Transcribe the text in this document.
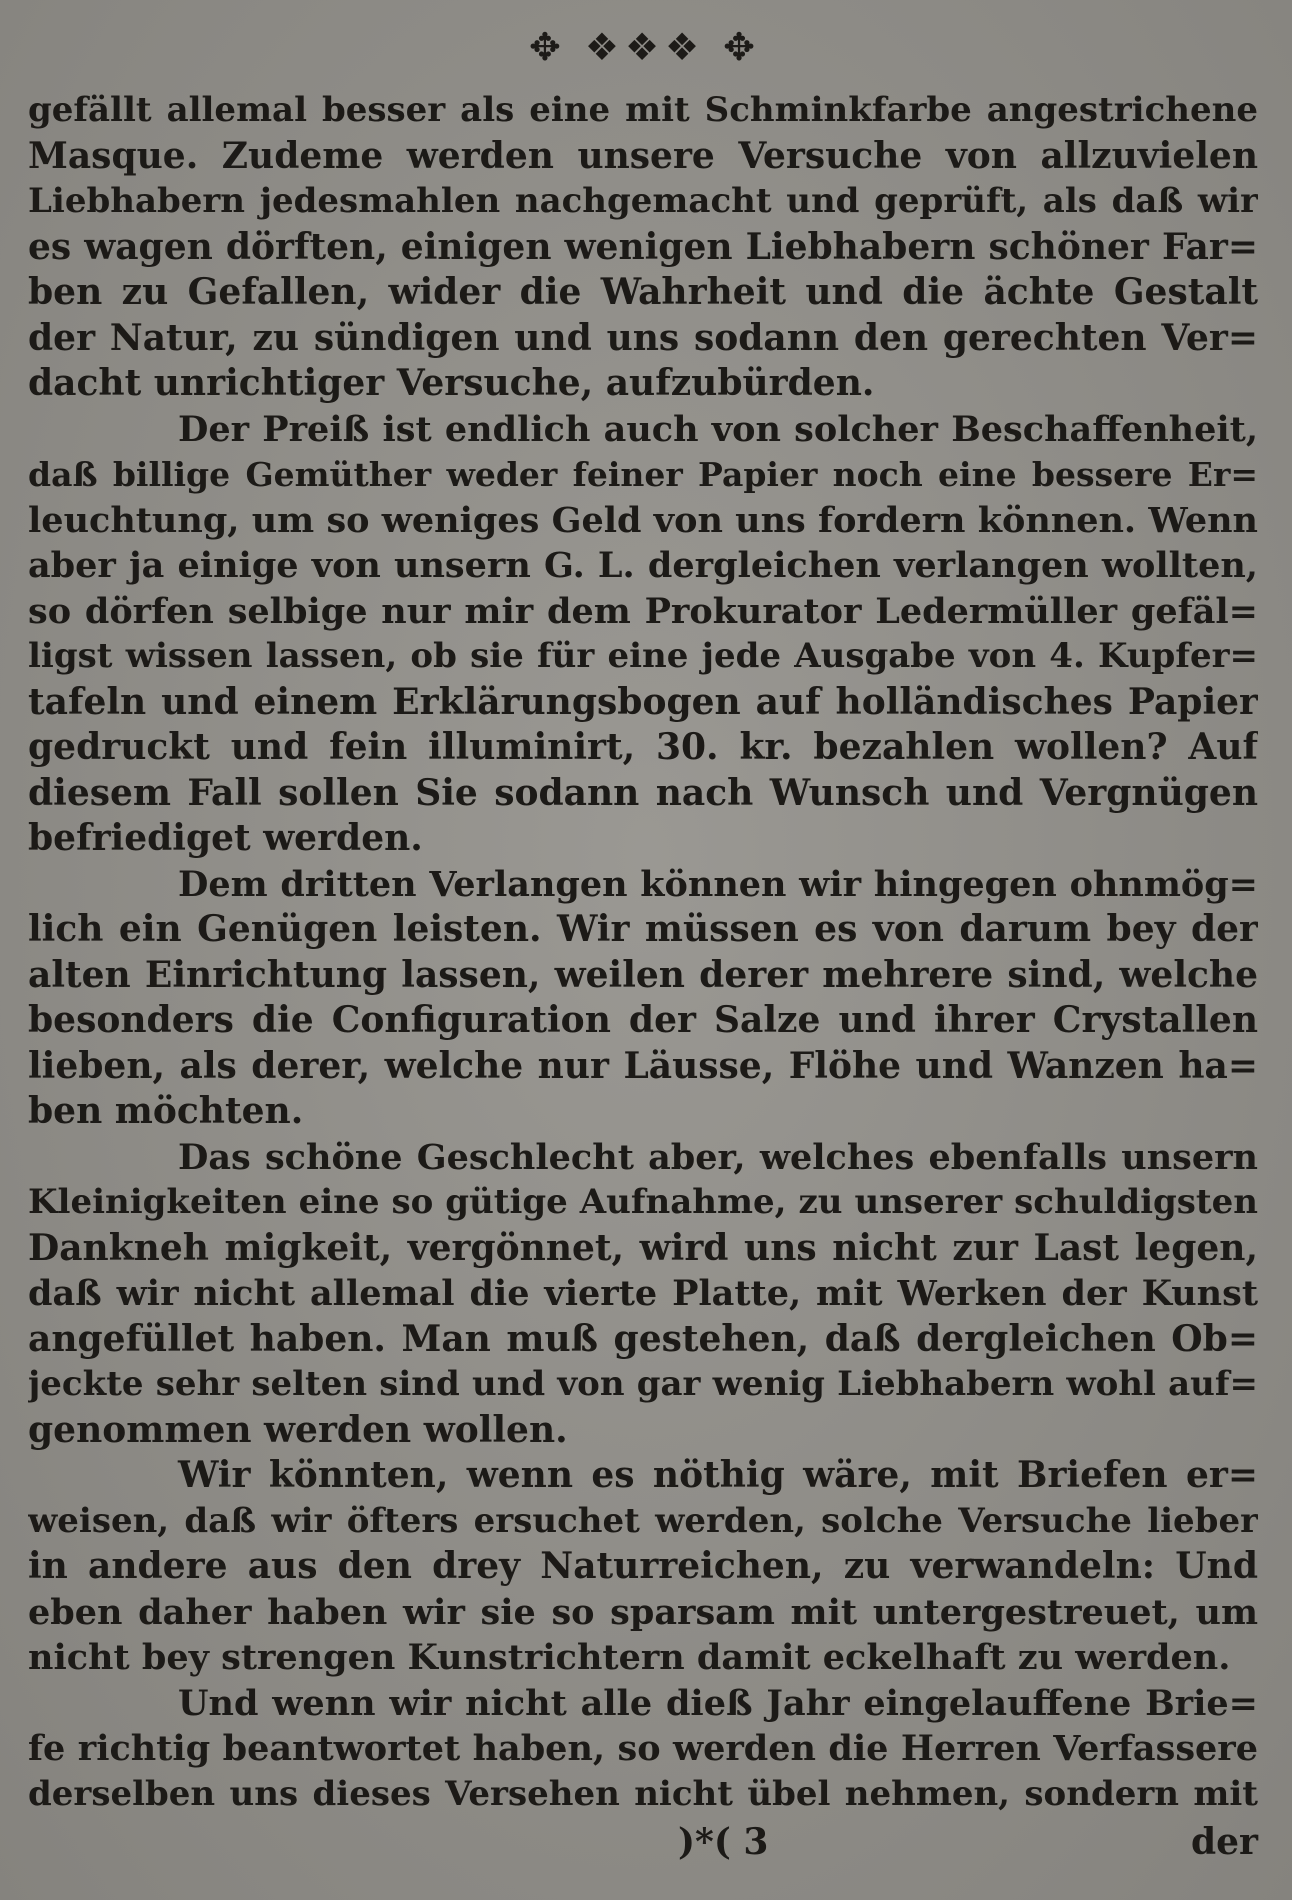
✥ ❖❖❖ ✥
gefällt allemal besser als eine mit Schminkfarbe angestrichene
Masque. Zudeme werden unsere Versuche von allzuvielen
Liebhabern jedesmahlen nachgemacht und geprüft, als daß wir
es wagen dörften, einigen wenigen Liebhabern schöner Far=
ben zu Gefallen, wider die Wahrheit und die ächte Gestalt
der Natur, zu sündigen und uns sodann den gerechten Ver=
dacht unrichtiger Versuche, aufzubürden.
Der Preiß ist endlich auch von solcher Beschaffenheit,
daß billige Gemüther weder feiner Papier noch eine bessere Er=
leuchtung, um so weniges Geld von uns fordern können. Wenn
aber ja einige von unsern G. L. dergleichen verlangen wollten,
so dörfen selbige nur mir dem Prokurator Ledermüller gefäl=
ligst wissen lassen, ob sie für eine jede Ausgabe von 4. Kupfer=
tafeln und einem Erklärungsbogen auf holländisches Papier
gedruckt und fein illuminirt, 30. kr. bezahlen wollen? Auf
diesem Fall sollen Sie sodann nach Wunsch und Vergnügen
befriediget werden.
Dem dritten Verlangen können wir hingegen ohnmög=
lich ein Genügen leisten. Wir müssen es von darum bey der
alten Einrichtung lassen, weilen derer mehrere sind, welche
besonders die Configuration der Salze und ihrer Crystallen
lieben, als derer, welche nur Läusse, Flöhe und Wanzen ha=
ben möchten.
Das schöne Geschlecht aber, welches ebenfalls unsern
Kleinigkeiten eine so gütige Aufnahme, zu unserer schuldigsten
Dankneh migkeit, vergönnet, wird uns nicht zur Last legen,
daß wir nicht allemal die vierte Platte, mit Werken der Kunst
angefüllet haben. Man muß gestehen, daß dergleichen Ob=
jeckte sehr selten sind und von gar wenig Liebhabern wohl auf=
genommen werden wollen.
Wir könnten, wenn es nöthig wäre, mit Briefen er=
weisen, daß wir öfters ersuchet werden, solche Versuche lieber
in andere aus den drey Naturreichen, zu verwandeln: Und
eben daher haben wir sie so sparsam mit untergestreuet, um
nicht bey strengen Kunstrichtern damit eckelhaft zu werden.
Und wenn wir nicht alle dieß Jahr eingelauffene Brie=
fe richtig beantwortet haben, so werden die Herren Verfassere
derselben uns dieses Versehen nicht übel nehmen, sondern mit
)*( 3	der
